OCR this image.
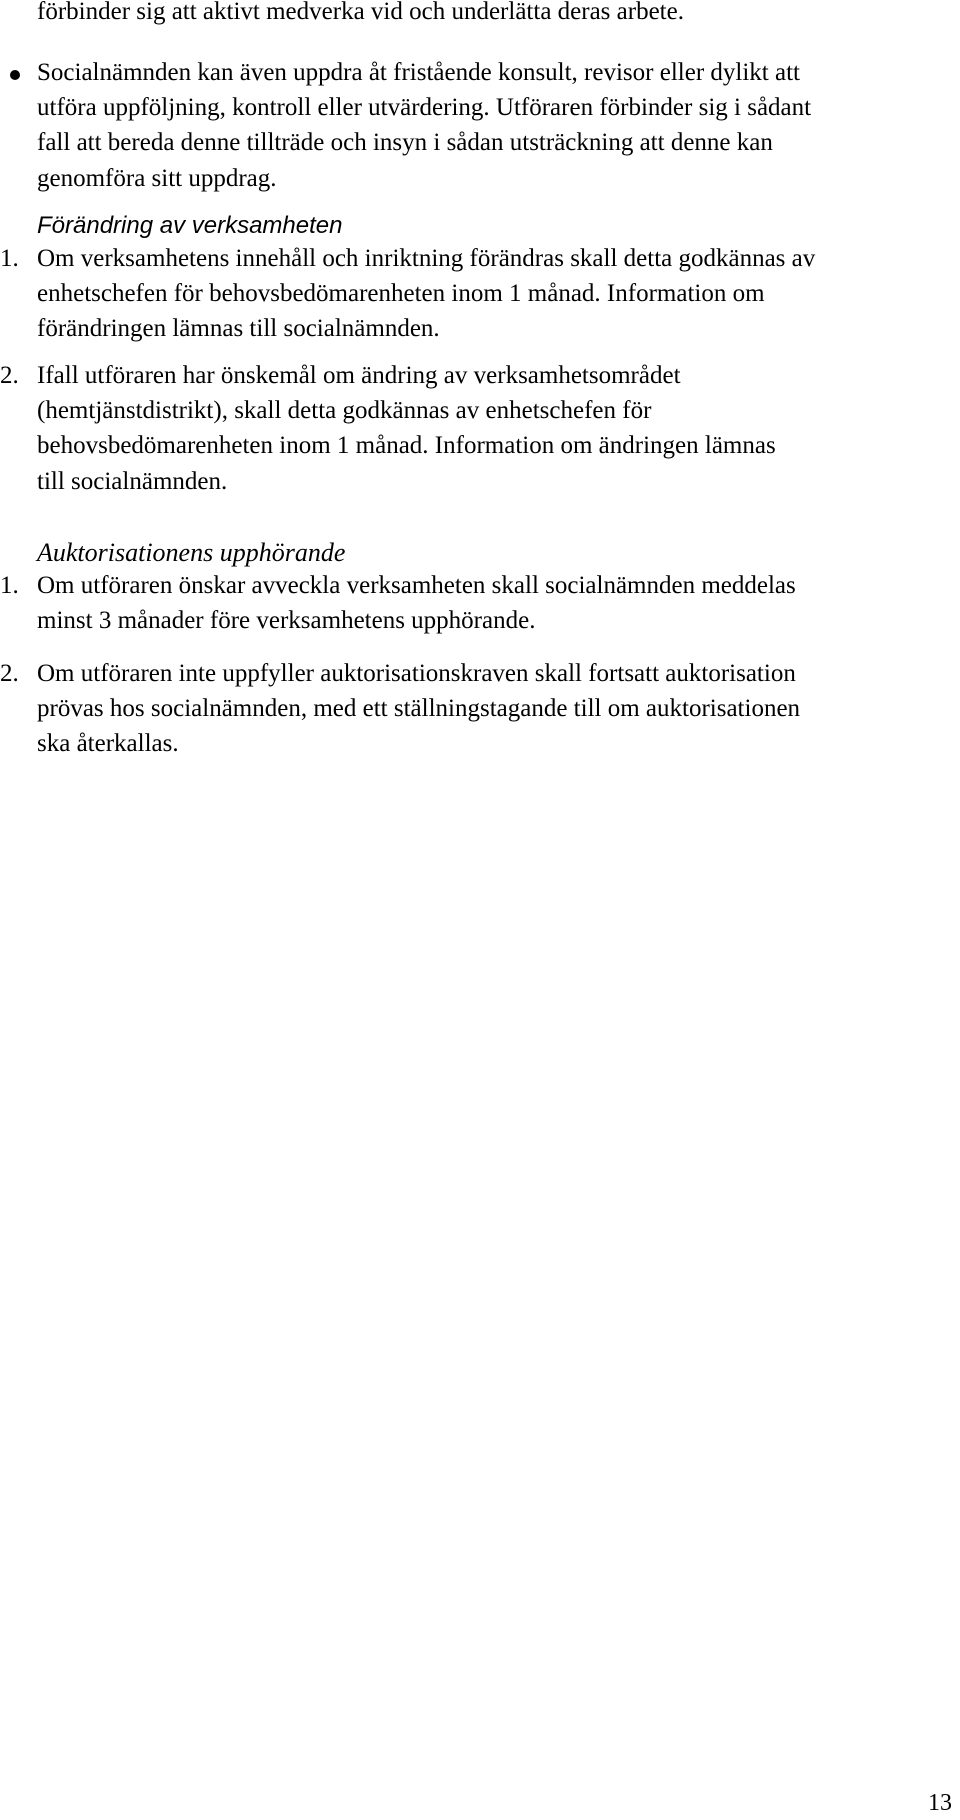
förbinder sig att aktivt medverka vid och underlätta deras arbete.
Socialnämnden kan även uppdra åt fristående konsult, revisor eller dylikt att utföra uppföljning, kontroll eller utvärdering. Utföraren förbinder sig i sådant fall att bereda denne tillträde och insyn i sådan utsträckning att denne kan genomföra sitt uppdrag.
Förändring av verksamheten
1. Om verksamhetens innehåll och inriktning förändras skall detta godkännas av enhetschefen för behovsbedömarenheten inom 1 månad. Information om förändringen lämnas till socialnämnden.
2. Ifall utföraren har önskemål om ändring av verksamhetsområdet (hemtjänstdistrikt), skall detta godkännas av enhetschefen för behovsbedömarenheten inom 1 månad. Information om ändringen lämnas till socialnämnden.
Auktorisationens upphörande
1. Om utföraren önskar avveckla verksamheten skall socialnämnden meddelas minst 3 månader före verksamhetens upphörande.
2. Om utföraren inte uppfyller auktorisationskraven skall fortsatt auktorisation prövas hos socialnämnden, med ett ställningstagande till om auktorisationen ska återkallas.
13
